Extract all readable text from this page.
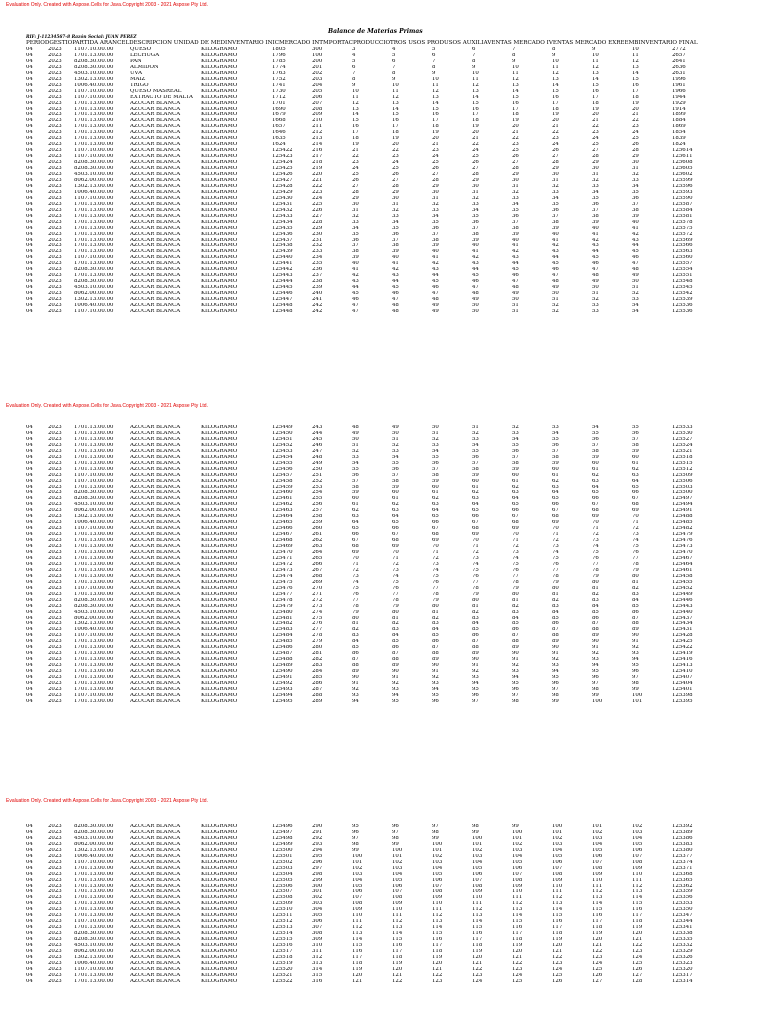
Evaluation Only. Created with Aspose.Cells for Java.Copyright 2003 - 2021 Aspose Pty Ltd.
Balance de Materias Primas
RIF: J-11234567-8 Razón Social: JUAN PEREZ
PERIODGESTIOPARTIDA ARANCELDESCRIPCION UNIDAD DE MEDINVENTARIO INICMERCADO INTMPORTACPRODUCCIOTROS USOS PRODUSOS AUXILIAVENTAS MERCADO IVENTAS MERCADO EXREEMBINVENTARIO FINAL
04	2023	1107.10.00.00	QUESO	KILOGRAMO	1805	300	3	4	5	6	7	8	9	10	2772
04	2023	1701.13.00.00	LECHUGA	KILOGRAMO	1796	100	4	5	6	7	8	9	10	11	2657
04	2023	8208.30.00.00	PAN	KILOGRAMO	1785	200	5	6	7	8	9	10	11	12	2641
04	2023	8208.30.00.00	ALMIDON	KILOGRAMO	1774	201	6	7	8	9	10	11	12	13	2636
04	2023	4503.10.00.00	UVA	KILOGRAMO	1763	202	7	8	9	10	11	12	13	14	2631
04	2023	1302.13.00.00	MAIZ	KILOGRAMO	1752	203	8	9	10	11	12	13	14	15	1996
04	2023	1006.40.00.00	TRIGO	KILOGRAMO	1741	204	9	10	11	12	13	14	15	16	1961
04	2023	1107.10.00.00	QUESO MASREAL	KILOGRAMO	1730	205	10	11	12	13	14	15	16	17	1966
04	2023	1107.10.00.00	EXTRACTO DE MALTA	KILOGRAMO	1712	206	11	12	13	14	15	16	17	18	1944
04	2023	1701.13.00.00	AZUCAR BLANCA	KILOGRAMO	1701	207	12	13	14	15	16	17	18	19	1929
04	2023	1701.13.00.00	AZUCAR BLANCA	KILOGRAMO	1690	208	13	14	15	16	17	18	19	20	1914
04	2023	1701.13.00.00	AZUCAR BLANCA	KILOGRAMO	1679	209	14	15	16	17	18	19	20	21	1899
04	2023	1701.13.00.00	AZUCAR BLANCA	KILOGRAMO	1668	210	15	16	17	18	19	20	21	22	1884
04	2023	1701.13.00.00	AZUCAR BLANCA	KILOGRAMO	1657	211	16	17	18	19	20	21	22	23	1869
04	2023	1701.13.00.00	AZUCAR BLANCA	KILOGRAMO	1646	212	17	18	19	20	21	22	23	24	1854
04	2023	1701.13.00.00	AZUCAR BLANCA	KILOGRAMO	1635	213	18	19	20	21	22	23	24	25	1839
04	2023	1701.13.00.00	AZUCAR BLANCA	KILOGRAMO	1624	214	19	20	21	22	23	24	25	26	1824
04	2023	1107.10.00.00	AZUCAR BLANCA	KILOGRAMO	125422	216	21	22	23	24	25	26	27	28	125614
04	2023	1107.10.00.00	AZUCAR BLANCA	KILOGRAMO	125423	217	22	23	24	25	26	27	28	29	125611
04	2023	8208.30.00.00	AZUCAR BLANCA	KILOGRAMO	125424	218	23	24	25	26	27	28	29	30	125608
04	2023	8208.30.00.00	AZUCAR BLANCA	KILOGRAMO	125425	219	24	25	26	27	28	29	30	31	125605
04	2023	4503.10.00.00	AZUCAR BLANCA	KILOGRAMO	125426	220	25	26	27	28	29	30	31	32	125602
04	2023	8062.00.00.00	AZUCAR BLANCA	KILOGRAMO	125427	221	26	27	28	29	30	31	32	33	125599
04	2023	1302.13.00.00	AZUCAR BLANCA	KILOGRAMO	125428	222	27	28	29	30	31	32	33	34	125596
04	2023	1006.40.00.00	AZUCAR BLANCA	KILOGRAMO	125429	223	28	29	30	31	32	33	34	35	125593
04	2023	1107.10.00.00	AZUCAR BLANCA	KILOGRAMO	125430	224	29	30	31	32	33	34	35	36	125590
04	2023	1701.13.00.00	AZUCAR BLANCA	KILOGRAMO	125431	225	30	31	32	33	34	35	36	37	125587
04	2023	1701.13.00.00	AZUCAR BLANCA	KILOGRAMO	125432	226	31	32	33	34	35	36	37	38	125584
04	2023	1701.13.00.00	AZUCAR BLANCA	KILOGRAMO	125433	227	32	33	34	35	36	37	38	39	125581
04	2023	1701.13.00.00	AZUCAR BLANCA	KILOGRAMO	125434	228	33	34	35	36	37	38	39	40	125578
04	2023	1701.13.00.00	AZUCAR BLANCA	KILOGRAMO	125435	229	34	35	36	37	38	39	40	41	125575
04	2023	1701.13.00.00	AZUCAR BLANCA	KILOGRAMO	125436	230	35	36	37	38	39	40	41	42	125572
04	2023	1701.13.00.00	AZUCAR BLANCA	KILOGRAMO	125437	231	36	37	38	39	40	41	42	43	125569
04	2023	1701.13.00.00	AZUCAR BLANCA	KILOGRAMO	125438	232	37	38	39	40	41	42	43	44	125566
04	2023	1701.13.00.00	AZUCAR BLANCA	KILOGRAMO	125439	233	38	39	40	41	42	43	44	45	125563
04	2023	1107.10.00.00	AZUCAR BLANCA	KILOGRAMO	125440	234	39	40	41	42	43	44	45	46	125560
04	2023	1701.13.00.00	AZUCAR BLANCA	KILOGRAMO	125441	235	40	41	42	43	44	45	46	47	125557
04	2023	8208.30.00.00	AZUCAR BLANCA	KILOGRAMO	125442	236	41	42	43	44	45	46	47	48	125554
04	2023	1701.13.00.00	AZUCAR BLANCA	KILOGRAMO	125443	237	42	43	44	45	46	47	48	49	125551
04	2023	8208.30.00.00	AZUCAR BLANCA	KILOGRAMO	125444	238	43	44	45	46	47	48	49	50	125548
04	2023	4503.10.00.00	AZUCAR BLANCA	KILOGRAMO	125445	239	44	45	46	47	48	49	50	51	125545
04	2023	8062.00.00.00	AZUCAR BLANCA	KILOGRAMO	125446	240	45	46	47	48	49	50	51	52	125542
04	2023	1302.13.00.00	AZUCAR BLANCA	KILOGRAMO	125447	241	46	47	48	49	50	51	52	53	125539
04	2023	1006.40.00.00	AZUCAR BLANCA	KILOGRAMO	125448	242	47	48	49	50	51	52	53	54	125536
04	2023	1107.10.00.00	AZUCAR BLANCA	KILOGRAMO	125448	242	47	48	49	50	51	52	53	54	125536
Evaluation Only. Created with Aspose.Cells for Java.Copyright 2003 - 2021 Aspose Pty Ltd.
04	2023	1701.13.00.00	AZUCAR BLANCA	KILOGRAMO	125449	243	48	49	50	51	52	53	54	55	125533
04	2023	1701.13.00.00	AZUCAR BLANCA	KILOGRAMO	125450	244	49	50	51	52	53	54	55	56	125530
04	2023	1701.13.00.00	AZUCAR BLANCA	KILOGRAMO	125451	245	50	51	52	53	54	55	56	57	125527
04	2023	1701.13.00.00	AZUCAR BLANCA	KILOGRAMO	125452	246	51	52	53	54	55	56	57	58	125524
04	2023	1701.13.00.00	AZUCAR BLANCA	KILOGRAMO	125453	247	52	53	54	55	56	57	58	59	125521
04	2023	1701.13.00.00	AZUCAR BLANCA	KILOGRAMO	125454	248	53	54	55	56	57	58	59	60	125518
04	2023	1701.13.00.00	AZUCAR BLANCA	KILOGRAMO	125455	249	54	55	56	57	58	59	60	61	125515
04	2023	1701.13.00.00	AZUCAR BLANCA	KILOGRAMO	125456	250	55	56	57	58	59	60	61	62	125512
04	2023	1107.10.00.00	AZUCAR BLANCA	KILOGRAMO	125457	251	56	57	58	59	60	61	62	63	125509
04	2023	1107.10.00.00	AZUCAR BLANCA	KILOGRAMO	125458	252	57	58	59	60	61	62	63	64	125506
04	2023	1701.13.00.00	AZUCAR BLANCA	KILOGRAMO	125459	253	58	59	60	61	62	63	64	65	125503
04	2023	8208.30.00.00	AZUCAR BLANCA	KILOGRAMO	125460	254	59	60	61	62	63	64	65	66	125500
04	2023	8208.30.00.00	AZUCAR BLANCA	KILOGRAMO	125461	255	60	61	62	63	64	65	66	67	125497
04	2023	4503.10.00.00	AZUCAR BLANCA	KILOGRAMO	125462	256	61	62	63	64	65	66	67	68	125494
04	2023	8062.00.00.00	AZUCAR BLANCA	KILOGRAMO	125463	257	62	63	64	65	66	67	68	69	125491
04	2023	1302.13.00.00	AZUCAR BLANCA	KILOGRAMO	125464	258	63	64	65	66	67	68	69	70	125488
04	2023	1006.40.00.00	AZUCAR BLANCA	KILOGRAMO	125465	259	64	65	66	67	68	69	70	71	125485
04	2023	1107.10.00.00	AZUCAR BLANCA	KILOGRAMO	125466	260	65	66	67	68	69	70	71	72	125482
04	2023	1701.13.00.00	AZUCAR BLANCA	KILOGRAMO	125467	261	66	67	68	69	70	71	72	73	125479
04	2023	1701.13.00.00	AZUCAR BLANCA	KILOGRAMO	125468	262	67	68	69	70	71	72	73	74	125476
04	2023	1701.13.00.00	AZUCAR BLANCA	KILOGRAMO	125469	263	68	69	70	71	72	73	74	75	125473
04	2023	1701.13.00.00	AZUCAR BLANCA	KILOGRAMO	125470	264	69	70	71	72	73	74	75	76	125470
04	2023	1701.13.00.00	AZUCAR BLANCA	KILOGRAMO	125471	265	70	71	72	73	74	75	76	77	125467
04	2023	1701.13.00.00	AZUCAR BLANCA	KILOGRAMO	125472	266	71	72	73	74	75	76	77	78	125464
04	2023	1701.13.00.00	AZUCAR BLANCA	KILOGRAMO	125473	267	72	73	74	75	76	77	78	79	125461
04	2023	1701.13.00.00	AZUCAR BLANCA	KILOGRAMO	125474	268	73	74	75	76	77	78	79	80	125458
04	2023	1701.13.00.00	AZUCAR BLANCA	KILOGRAMO	125475	269	74	75	76	77	78	79	80	81	125455
04	2023	1107.10.00.00	AZUCAR BLANCA	KILOGRAMO	125476	270	75	76	77	78	79	80	81	82	125452
04	2023	1701.13.00.00	AZUCAR BLANCA	KILOGRAMO	125477	271	76	77	78	79	80	81	82	83	125449
04	2023	8208.30.00.00	AZUCAR BLANCA	KILOGRAMO	125478	272	77	78	79	80	81	82	83	84	125446
04	2023	8208.30.00.00	AZUCAR BLANCA	KILOGRAMO	125479	273	78	79	80	81	82	83	84	85	125443
04	2023	4503.10.00.00	AZUCAR BLANCA	KILOGRAMO	125480	274	79	80	81	82	83	84	85	86	125440
04	2023	8062.00.00.00	AZUCAR BLANCA	KILOGRAMO	125481	275	80	81	82	83	84	85	86	87	125437
04	2023	1302.13.00.00	AZUCAR BLANCA	KILOGRAMO	125482	276	81	82	83	84	85	86	87	88	125434
04	2023	1006.40.00.00	AZUCAR BLANCA	KILOGRAMO	125483	277	82	83	84	85	86	87	88	89	125431
04	2023	1107.10.00.00	AZUCAR BLANCA	KILOGRAMO	125484	278	83	84	85	86	87	88	89	90	125428
04	2023	1701.13.00.00	AZUCAR BLANCA	KILOGRAMO	125485	279	84	85	86	87	88	89	90	91	125425
04	2023	1701.13.00.00	AZUCAR BLANCA	KILOGRAMO	125486	280	85	86	87	88	89	90	91	92	125422
04	2023	1701.13.00.00	AZUCAR BLANCA	KILOGRAMO	125487	281	86	87	88	89	90	91	92	93	125419
04	2023	1701.13.00.00	AZUCAR BLANCA	KILOGRAMO	125488	282	87	88	89	90	91	92	93	94	125416
04	2023	1701.13.00.00	AZUCAR BLANCA	KILOGRAMO	125489	283	88	89	90	91	92	93	94	95	125413
04	2023	1701.13.00.00	AZUCAR BLANCA	KILOGRAMO	125490	284	89	90	91	92	93	94	95	96	125410
04	2023	1701.13.00.00	AZUCAR BLANCA	KILOGRAMO	125491	285	90	91	92	93	94	95	96	97	125407
04	2023	1701.13.00.00	AZUCAR BLANCA	KILOGRAMO	125492	286	91	92	93	94	95	96	97	98	125404
04	2023	1701.13.00.00	AZUCAR BLANCA	KILOGRAMO	125493	287	92	93	94	95	96	97	98	99	125401
04	2023	1107.10.00.00	AZUCAR BLANCA	KILOGRAMO	125494	288	93	94	95	96	97	98	99	100	125398
04	2023	1701.13.00.00	AZUCAR BLANCA	KILOGRAMO	125495	289	94	95	96	97	98	99	100	101	125395
Evaluation Only. Created with Aspose.Cells for Java.Copyright 2003 - 2021 Aspose Pty Ltd.
04	2023	8208.30.00.00	AZUCAR BLANCA	KILOGRAMO	125496	290	95	96	97	98	99	100	101	102	125392
04	2023	8208.30.00.00	AZUCAR BLANCA	KILOGRAMO	125497	291	96	97	98	99	100	101	102	103	125389
04	2023	4503.10.00.00	AZUCAR BLANCA	KILOGRAMO	125498	292	97	98	99	100	101	102	103	104	125386
04	2023	8062.00.00.00	AZUCAR BLANCA	KILOGRAMO	125499	293	98	99	100	101	102	103	104	105	125383
04	2023	1302.13.00.00	AZUCAR BLANCA	KILOGRAMO	125500	294	99	100	101	102	103	104	105	106	125380
04	2023	1006.40.00.00	AZUCAR BLANCA	KILOGRAMO	125501	295	100	101	102	103	104	105	106	107	125377
04	2023	1107.10.00.00	AZUCAR BLANCA	KILOGRAMO	125502	296	101	102	103	104	105	106	107	108	125374
04	2023	1701.13.00.00	AZUCAR BLANCA	KILOGRAMO	125503	297	102	103	104	105	106	107	108	109	125371
04	2023	1701.13.00.00	AZUCAR BLANCA	KILOGRAMO	125504	298	103	104	105	106	107	108	109	110	125368
04	2023	1701.13.00.00	AZUCAR BLANCA	KILOGRAMO	125505	299	104	105	106	107	108	109	110	111	125365
04	2023	1701.13.00.00	AZUCAR BLANCA	KILOGRAMO	125506	300	105	106	107	108	109	110	111	112	125362
04	2023	1701.13.00.00	AZUCAR BLANCA	KILOGRAMO	125507	301	106	107	108	109	110	111	112	113	125359
04	2023	1701.13.00.00	AZUCAR BLANCA	KILOGRAMO	125508	302	107	108	109	110	111	112	113	114	125356
04	2023	1701.13.00.00	AZUCAR BLANCA	KILOGRAMO	125509	303	108	109	110	111	112	113	114	115	125353
04	2023	1701.13.00.00	AZUCAR BLANCA	KILOGRAMO	125510	304	109	110	111	112	113	114	115	116	125350
04	2023	1701.13.00.00	AZUCAR BLANCA	KILOGRAMO	125511	305	110	111	112	113	114	115	116	117	125347
04	2023	1107.10.00.00	AZUCAR BLANCA	KILOGRAMO	125512	306	111	112	113	114	115	116	117	118	125344
04	2023	1701.13.00.00	AZUCAR BLANCA	KILOGRAMO	125513	307	112	113	114	115	116	117	118	119	125341
04	2023	8208.30.00.00	AZUCAR BLANCA	KILOGRAMO	125514	308	113	114	115	116	117	118	119	120	125338
04	2023	8208.30.00.00	AZUCAR BLANCA	KILOGRAMO	125515	309	114	115	116	117	118	119	120	121	125335
04	2023	4503.10.00.00	AZUCAR BLANCA	KILOGRAMO	125516	310	115	116	117	118	119	120	121	122	125332
04	2023	8062.00.00.00	AZUCAR BLANCA	KILOGRAMO	125517	311	116	117	118	119	120	121	122	123	125329
04	2023	1302.13.00.00	AZUCAR BLANCA	KILOGRAMO	125518	312	117	118	119	120	121	122	123	124	125326
04	2023	1006.40.00.00	AZUCAR BLANCA	KILOGRAMO	125519	313	118	119	120	121	122	123	124	125	125323
04	2023	1107.10.00.00	AZUCAR BLANCA	KILOGRAMO	125520	314	119	120	121	122	123	124	125	126	125320
04	2023	1701.13.00.00	AZUCAR BLANCA	KILOGRAMO	125521	315	120	121	122	123	124	125	126	127	125317
04	2023	1701.13.00.00	AZUCAR BLANCA	KILOGRAMO	125522	316	121	122	123	124	125	126	127	128	125314
